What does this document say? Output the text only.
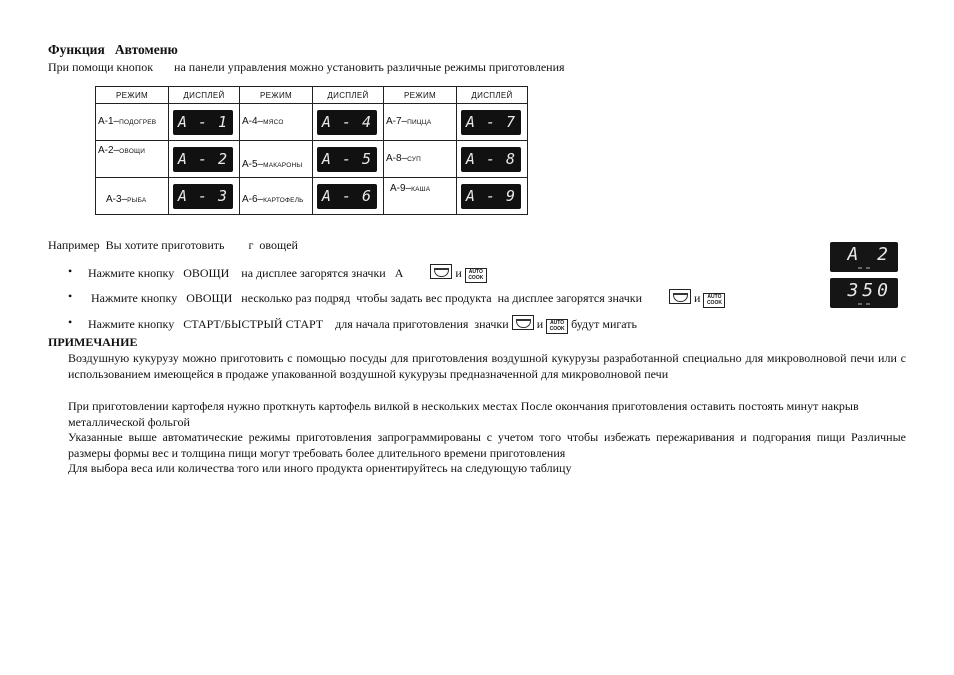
Функция   Автоменю
При помощи кнопок       на панели управления можно установить различные режимы приготовления
РЕЖИМ	ДИСПЛЕЙ	РЕЖИМ	ДИСПЛЕЙ	РЕЖИМ	ДИСПЛЕЙ

А-1–ПОДОГРЕВ	A - 1	А-4–МЯСО	A - 4	А-7–ПИЦЦА	A - 7

А-2–ОВОЩИ	A - 2	А-5–МАКАРОНЫ	A - 5	А-8–СУП	A - 8

А-3–РЫБА	A - 3	А-6–КАРТОФЕЛЬ	A - 6	А-9–КАША	A - 9
Например  Вы хотите приготовить        г  овощей
• Нажмите кнопку   ОВОЩИ    на дисплее загорятся значки   А	и AUTO
COOK
A 2
• Нажмите кнопку   ОВОЩИ   несколько раз подряд  чтобы задать вес продукта  на дисплее загорятся значки	и AUTO
COOK
350
• Нажмите кнопку   СТАРТ/БЫСТРЫЙ СТАРТ    для начала приготовления  значки и AUTO
COOK будут мигать
ПРИМЕЧАНИЕ
Воздушную кукурузу можно приготовить с помощью посуды для приготовления воздушной кукурузы разработанной специально для микроволновой печи или с использованием имеющейся в продаже упакованной воздушной кукурузы предназначенной для микроволновой печи
При приготовлении картофеля нужно проткнуть картофель вилкой в нескольких местах После окончания приготовления оставить постоять минут накрыв металлической фольгой
Указанные выше автоматические режимы приготовления запрограммированы с учетом того чтобы избежать пережаривания и подгорания пищи Различные размеры формы вес и толщина пищи могут требовать более длительного времени приготовления
Для выбора веса или количества того или иного продукта ориентируйтесь на следующую таблицу
